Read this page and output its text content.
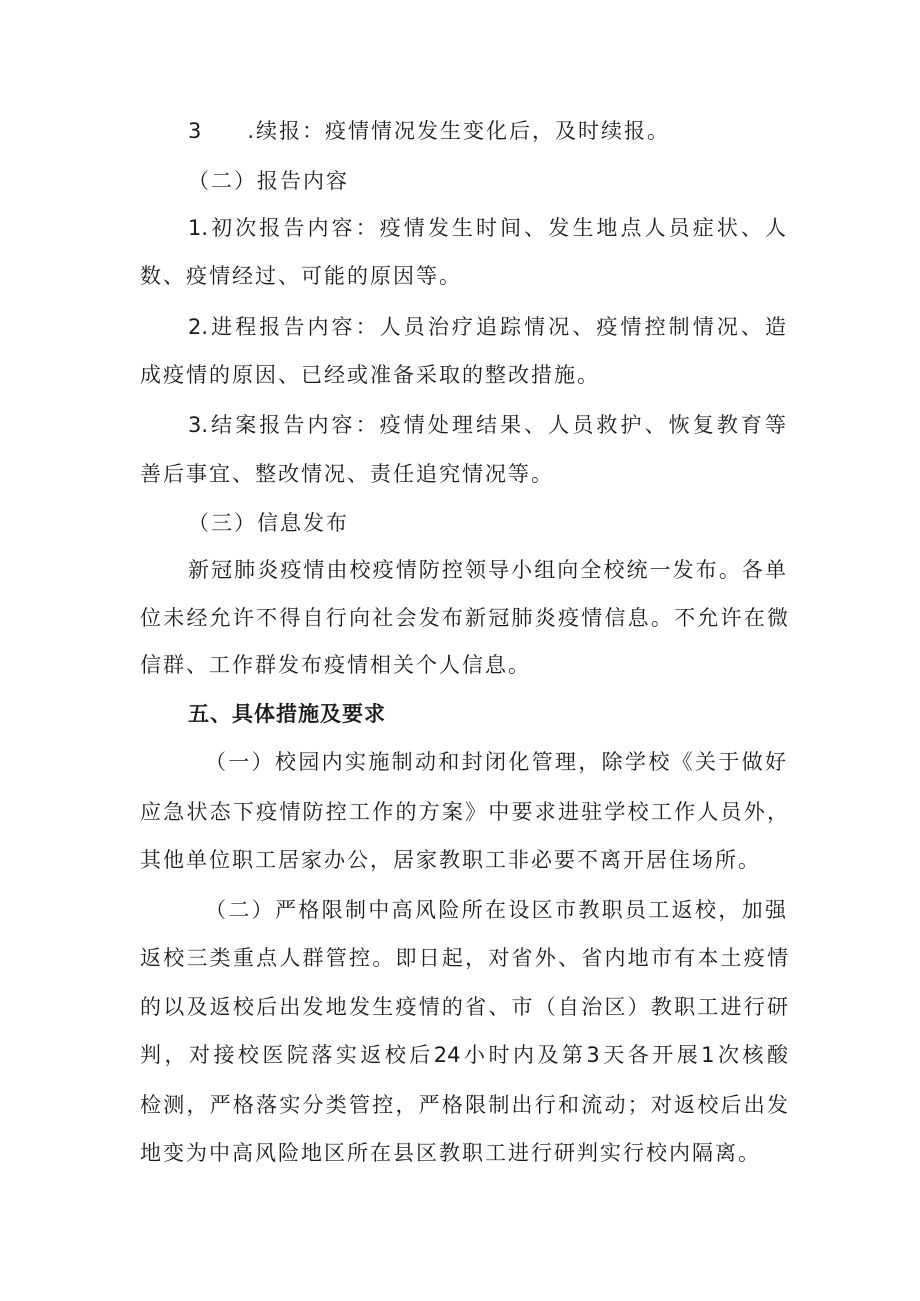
3 .续报：疫情情况发生变化后，及时续报。
（二）报告内容
1.初次报告内容：疫情发生时间、发生地点人员症状、人
数、疫情经过、可能的原因等。
2.进程报告内容：人员治疗追踪情况、疫情控制情况、造
成疫情的原因、已经或准备采取的整改措施。
3.结案报告内容：疫情处理结果、人员救护、恢复教育等
善后事宜、整改情况、责任追究情况等。
（三）信息发布
新冠肺炎疫情由校疫情防控领导小组向全校统一发布。各单
位未经允许不得自行向社会发布新冠肺炎疫情信息。不允许在微
信群、工作群发布疫情相关个人信息。
五、具体措施及要求
（一）校园内实施制动和封闭化管理，除学校《关于做好
应急状态下疫情防控工作的方案》中要求进驻学校工作人员外，
其他单位职工居家办公，居家教职工非必要不离开居住场所。
（二）严格限制中高风险所在设区市教职员工返校，加强
返校三类重点人群管控。即日起，对省外、省内地市有本土疫情
的以及返校后出发地发生疫情的省、市（自治区）教职工进行研
判，对接校医院落实返校后24小时内及第3天各开展1次核酸
检测，严格落实分类管控，严格限制出行和流动；对返校后出发
地变为中高风险地区所在县区教职工进行研判实行校内隔离。
